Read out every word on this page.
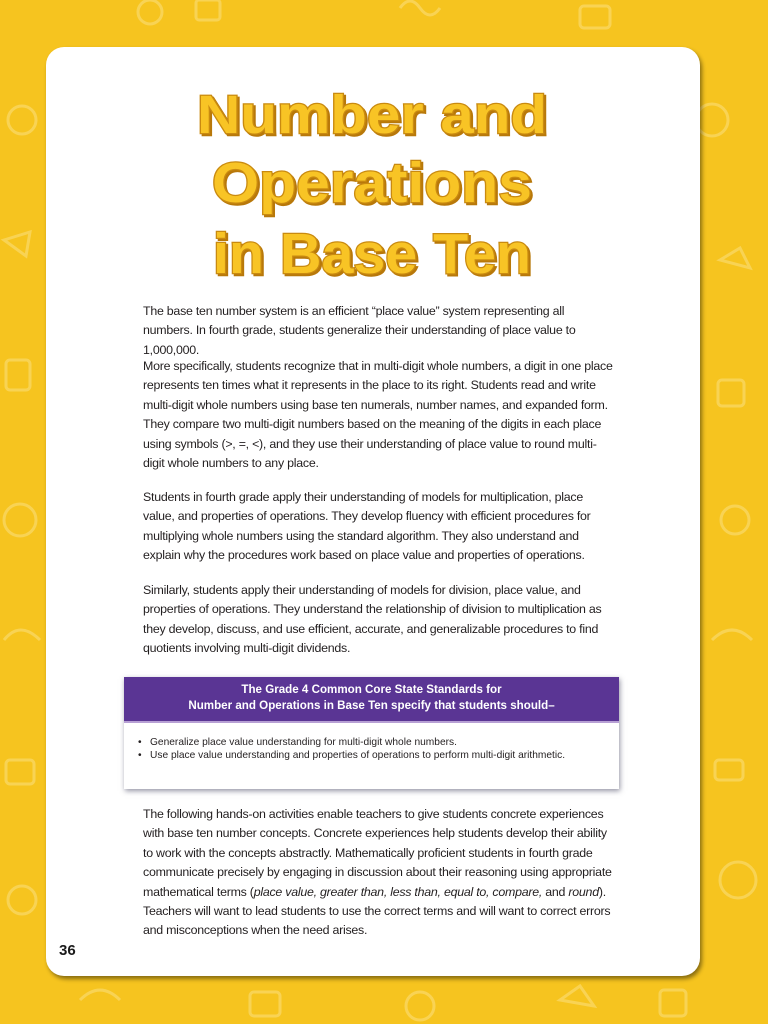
Number and
Operations
in Base Ten

The base ten number system is an efficient “place value” system representing all numbers. In fourth grade, students generalize their understanding of place value to 1,000,000.

More specifically, students recognize that in multi-digit whole numbers, a digit in one place represents ten times what it represents in the place to its right. Students read and write multi-digit whole numbers using base ten numerals, number names, and expanded form. They compare two multi-digit numbers based on the meaning of the digits in each place using symbols (>, =, <), and they use their understanding of place value to round multi-digit whole numbers to any place.

Students in fourth grade apply their understanding of models for multiplication, place value, and properties of operations. They develop fluency with efficient procedures for multiplying whole numbers using the standard algorithm. They also understand and explain why the procedures work based on place value and properties of operations.

Similarly, students apply their understanding of models for division, place value, and properties of operations. They understand the relationship of division to multiplication as they develop, discuss, and use efficient, accurate, and generalizable procedures to find quotients involving multi-digit dividends.

The Grade 4 Common Core State Standards for
Number and Operations in Base Ten specify that students should–
• Generalize place value understanding for multi-digit whole numbers.
• Use place value understanding and properties of operations to perform multi-digit arithmetic.

The following hands-on activities enable teachers to give students concrete experiences with base ten number concepts. Concrete experiences help students develop their ability to work with the concepts abstractly. Mathematically proficient students in fourth grade communicate precisely by engaging in discussion about their reasoning using appropriate mathematical terms (place value, greater than, less than, equal to, compare, and round). Teachers will want to lead students to use the correct terms and will want to correct errors and misconceptions when the need arises.

36
